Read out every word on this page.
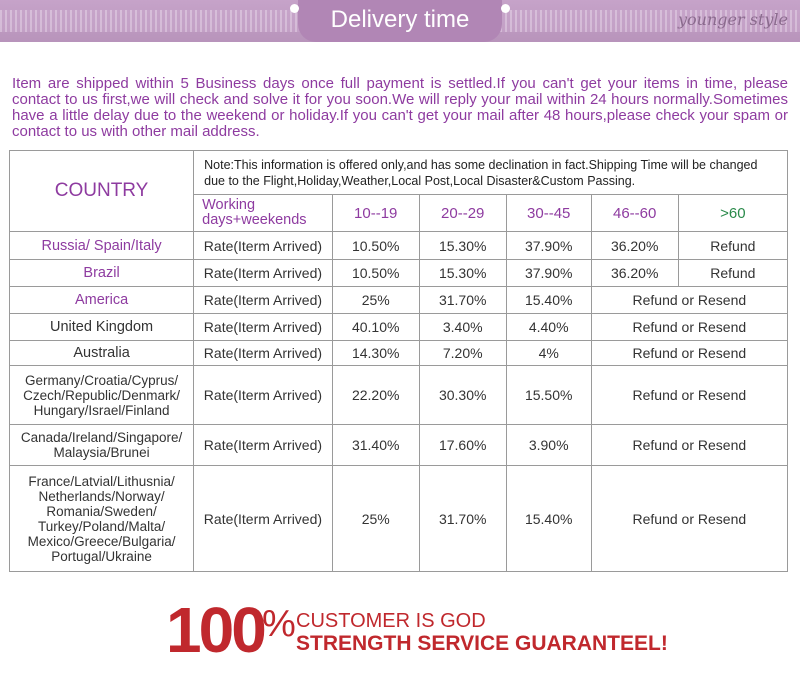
Delivery time	younger style
Item are shipped within 5 Business days once full payment is settled.If you can't get your items in time, please contact to us first,we will check and solve it for you soon.We will reply your mail within 24 hours normally.Sometimes have a little delay due to the weekend or holiday.If you can't get your mail after 48 hours,please check your spam or contact to us with other mail address.
COUNTRY	Note:This information is offered only,and has some declination in fact.Shipping Time will be changed due to the Flight,Holiday,Weather,Local Post,Local Disaster&Custom Passing.					
	Working days+weekends	10--19	20--29	30--45	46--60	>60
Russia/ Spain/Italy	Rate(Iterm Arrived)	10.50%	15.30%	37.90%	36.20%	Refund
Brazil	Rate(Iterm Arrived)	10.50%	15.30%	37.90%	36.20%	Refund
America	Rate(Iterm Arrived)	25%	31.70%	15.40%	Refund or Resend	
United Kingdom	Rate(Iterm Arrived)	40.10%	3.40%	4.40%	Refund or Resend	
Australia	Rate(Iterm Arrived)	14.30%	7.20%	4%	Refund or Resend	
Germany/Croatia/Cyprus/ Czech/Republic/Denmark/ Hungary/Israel/Finland	Rate(Iterm Arrived)	22.20%	30.30%	15.50%	Refund or Resend	
Canada/Ireland/Singapore/ Malaysia/Brunei	Rate(Iterm Arrived)	31.40%	17.60%	3.90%	Refund or Resend	
France/Latvial/Lithusnia/ Netherlands/Norway/ Romania/Sweden/ Turkey/Poland/Malta/ Mexico/Greece/Bulgaria/ Portugal/Ukraine	Rate(Iterm Arrived)	25%	31.70%	15.40%	Refund or Resend	
100
% CUSTOMER IS GOD
STRENGTH SERVICE GUARANTEEL!
